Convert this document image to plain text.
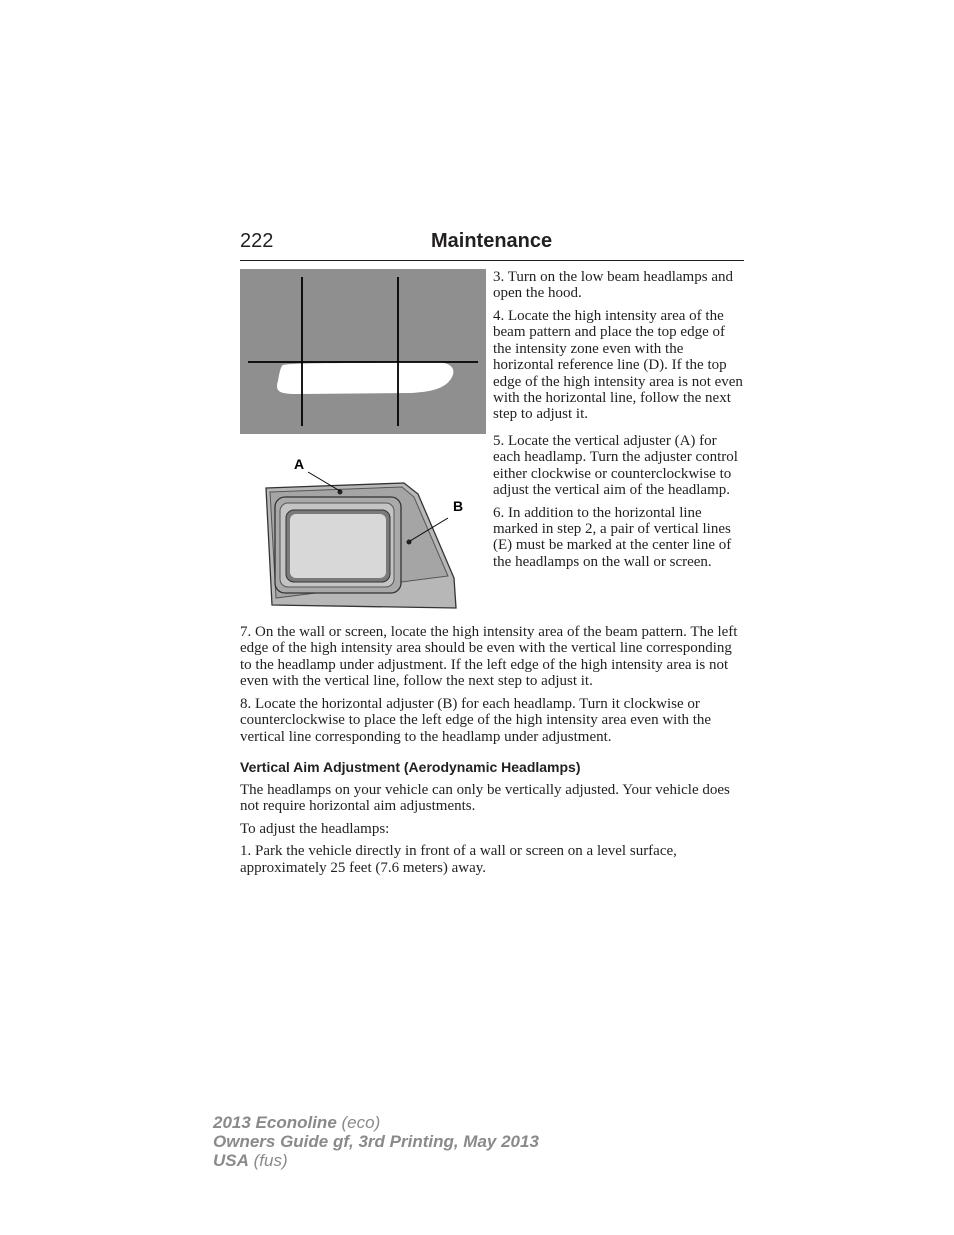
222	Maintenance
A
B

3. Turn on the low beam headlamps and open the hood.

4. Locate the high intensity area of the beam pattern and place the top edge of the intensity zone even with the horizontal reference line (D). If the top edge of the high intensity area is not even with the horizontal line, follow the next step to adjust it.

5. Locate the vertical adjuster (A) for each headlamp. Turn the adjuster control either clockwise or counterclockwise to adjust the vertical aim of the headlamp.

6. In addition to the horizontal line marked in step 2, a pair of vertical lines (E) must be marked at the center line of the headlamps on the wall or screen.

7. On the wall or screen, locate the high intensity area of the beam pattern. The left edge of the high intensity area should be even with the vertical line corresponding to the headlamp under adjustment. If the left edge of the high intensity area is not even with the vertical line, follow the next step to adjust it.

8. Locate the horizontal adjuster (B) for each headlamp. Turn it clockwise or counterclockwise to place the left edge of the high intensity area even with the vertical line corresponding to the headlamp under adjustment.

Vertical Aim Adjustment (Aerodynamic Headlamps)

The headlamps on your vehicle can only be vertically adjusted. Your vehicle does not require horizontal aim adjustments.

To adjust the headlamps:

1. Park the vehicle directly in front of a wall or screen on a level surface, approximately 25 feet (7.6 meters) away.

2013 Econoline (eco)
Owners Guide gf, 3rd Printing, May 2013
USA (fus)
